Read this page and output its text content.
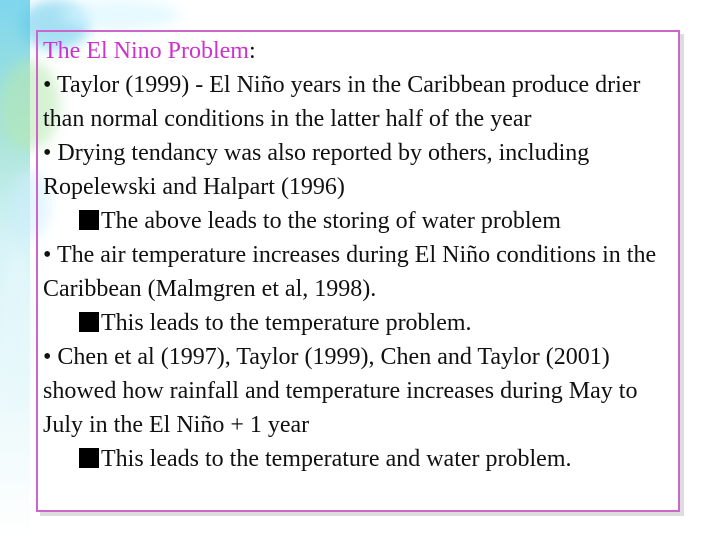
The El Nino Problem:
• Taylor (1999) - El Niño years in the Caribbean produce drier than normal conditions in the latter half of the year
• Drying tendancy was also reported by others, including Ropelewski and Halpart (1996)
The above leads to the storing of water problem
• The air temperature increases during El Niño conditions in the Caribbean (Malmgren et al, 1998).
This leads to the temperature problem.
• Chen et al (1997), Taylor (1999), Chen and Taylor (2001) showed how rainfall and temperature increases during May to July in the El Niño + 1 year
This leads to the temperature and water problem.
